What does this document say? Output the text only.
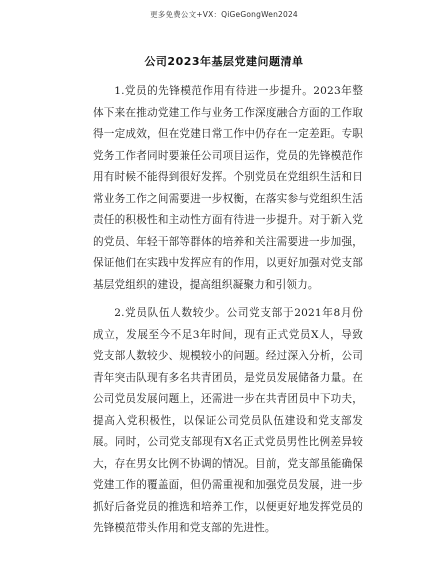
更多免费公文+VX：QiGeGongWen2024
公司2023年基层党建问题清单

1.党员的先锋模范作用有待进一步提升。2023年整体下来在推动党建工作与业务工作深度融合方面的工作取得一定成效，但在党建日常工作中仍存在一定差距。专职党务工作者同时要兼任公司项目运作，党员的先锋模范作用有时候不能得到很好发挥。个别党员在党组织生活和日常业务工作之间需要进一步权衡，在落实参与党组织生活责任的积极性和主动性方面有待进一步提升。对于新入党的党员、年轻干部等群体的培养和关注需要进一步加强，保证他们在实践中发挥应有的作用，以更好加强对党支部基层党组织的建设，提高组织凝聚力和引领力。

2.党员队伍人数较少。公司党支部于2021年8月份成立，发展至今不足3年时间，现有正式党员X人，导致党支部人数较少、规模较小的问题。经过深入分析，公司青年突击队现有多名共青团员，是党员发展储备力量。在公司党员发展问题上，还需进一步在共青团员中下功夫，提高入党积极性，以保证公司党员队伍建设和党支部发展。同时，公司党支部现有X名正式党员男性比例差异较大，存在男女比例不协调的情况。目前，党支部虽能确保党建工作的覆盖面，但仍需重视和加强党员发展，进一步抓好后备党员的推选和培养工作，以便更好地发挥党员的先锋模范带头作用和党支部的先进性。
